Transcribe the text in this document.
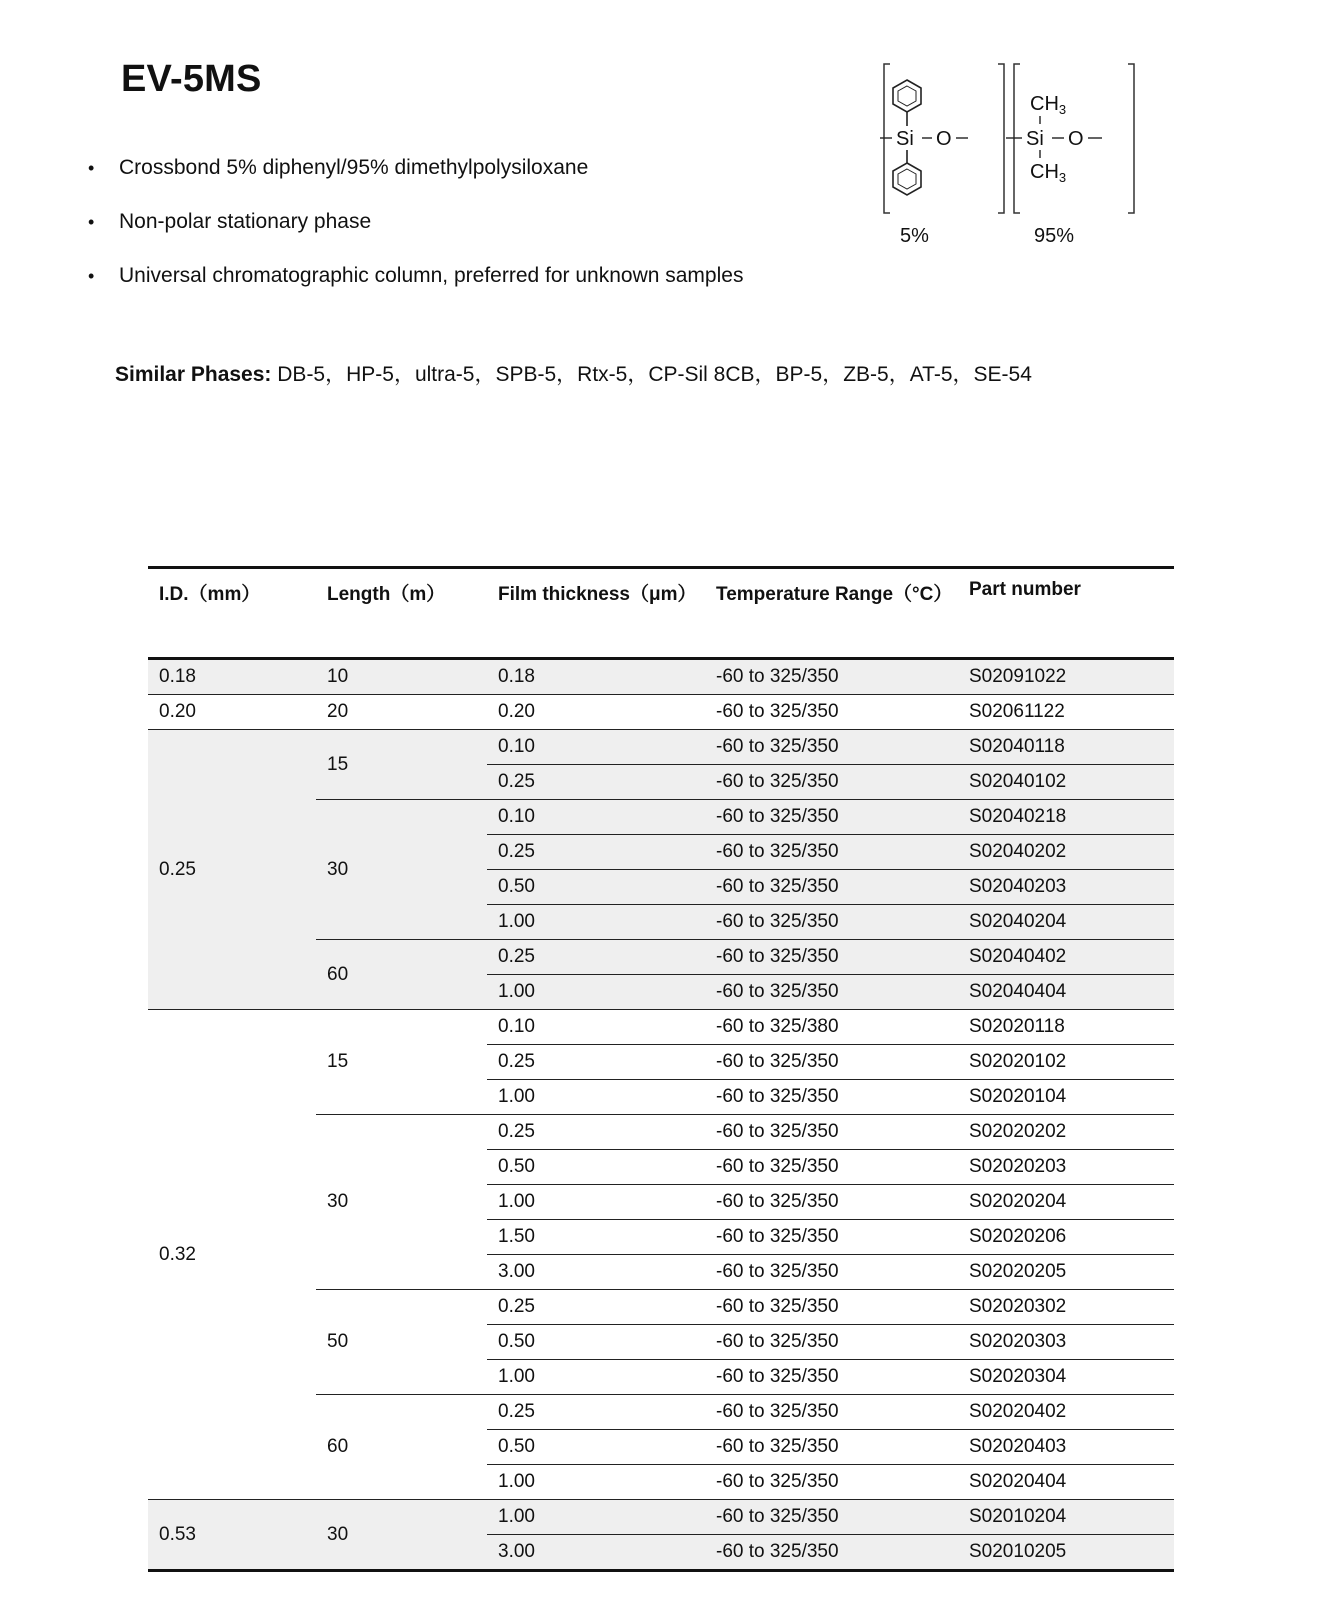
EV-5MS
•	Crossbond 5% diphenyl/95% dimethylpolysiloxane
•	Non-polar stationary phase
•	Universal chromatographic column, preferred for unknown samples
Similar Phases: DB-5，HP-5，ultra-5，SPB-5，Rtx-5，CP-Sil 8CB，BP-5，ZB-5，AT-5，SE-54
Si O
5%
$CH_3$
Si O
$CH_3$
95%
I.D.（mm）	Length（m）	Film thickness（μm）	Temperature Range（°C）	Part number
0.18	10	0.18	-60 to 325/350	S02091022
0.20	20	0.20	-60 to 325/350	S02061122
0.25	15	0.10	-60 to 325/350	S02040118
		0.25	-60 to 325/350	S02040102
	30	0.10	-60 to 325/350	S02040218
		0.25	-60 to 325/350	S02040202
		0.50	-60 to 325/350	S02040203
		1.00	-60 to 325/350	S02040204
	60	0.25	-60 to 325/350	S02040402
		1.00	-60 to 325/350	S02040404
0.32	15	0.10	-60 to 325/380	S02020118
		0.25	-60 to 325/350	S02020102
		1.00	-60 to 325/350	S02020104
	30	0.25	-60 to 325/350	S02020202
		0.50	-60 to 325/350	S02020203
		1.00	-60 to 325/350	S02020204
		1.50	-60 to 325/350	S02020206
		3.00	-60 to 325/350	S02020205
	50	0.25	-60 to 325/350	S02020302
		0.50	-60 to 325/350	S02020303
		1.00	-60 to 325/350	S02020304
	60	0.25	-60 to 325/350	S02020402
		0.50	-60 to 325/350	S02020403
		1.00	-60 to 325/350	S02020404
0.53	30	1.00	-60 to 325/350	S02010204
		3.00	-60 to 325/350	S02010205
